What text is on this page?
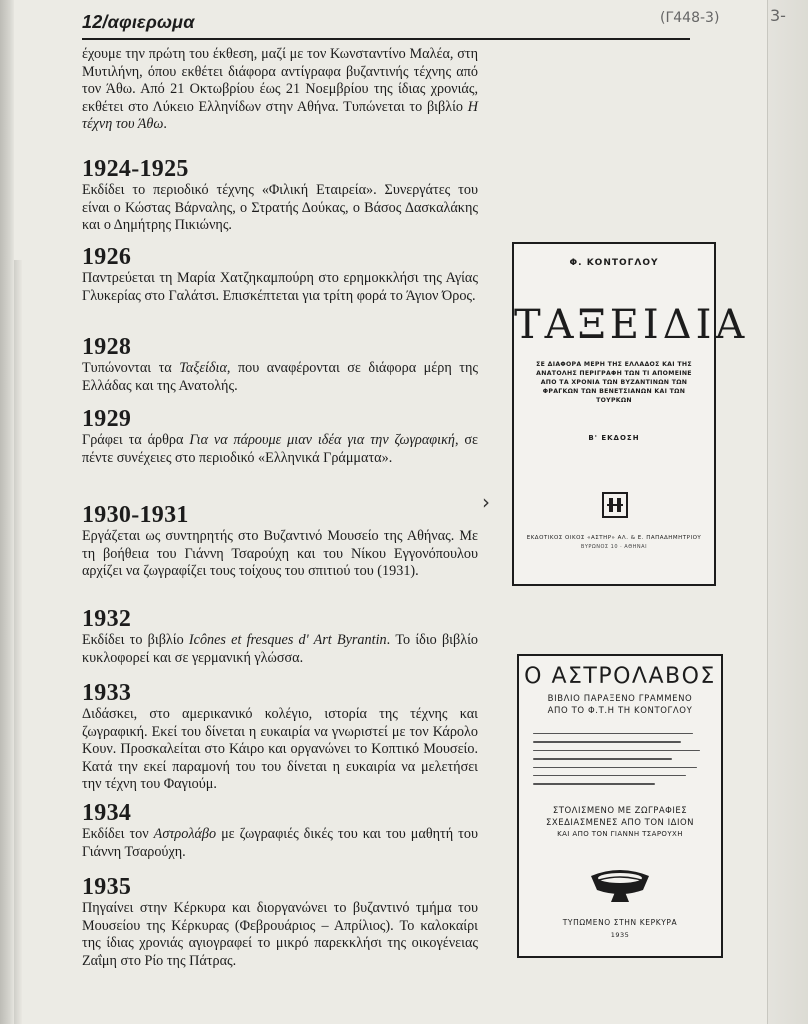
12/αφιερωμα	(Γ448-3)	3-
έχουμε την πρώτη του έκθεση, μαζί με τον Κωνσταντίνο Μαλέα, στη Μυτιλήνη, όπου εκθέτει διάφορα αντίγραφα βυζαντινής τέχνης από τον Άθω. Από 21 Οκτωβρίου έως 21 Νοεμβρίου της ίδιας χρονιάς, εκθέτει στο Λύκειο Ελληνίδων στην Αθήνα. Τυπώνεται το βιβλίο Η τέχνη του Άθω.
1924-1925
Εκδίδει το περιοδικό τέχνης «Φιλική Εταιρεία». Συνεργάτες του είναι ο Κώστας Βάρναλης, ο Στρατής Δούκας, ο Βάσος Δασκαλάκης και ο Δημήτρης Πικιώνης.
1926
Παντρεύεται τη Μαρία Χατζηκαμπούρη στο ερημοκκλήσι της Αγίας Γλυκερίας στο Γαλάτσι. Επισκέπτεται για τρίτη φορά το Άγιον Όρος.
1928
Τυπώνονται τα Ταξείδια, που αναφέρονται σε διάφορα μέρη της Ελλάδας και της Ανατολής.
1929
Γράφει τα άρθρα Για να πάρουμε μιαν ιδέα για την ζωγραφική, σε πέντε συνέχειες στο περιοδικό «Ελληνικά Γράμματα».
1930-1931
Εργάζεται ως συντηρητής στο Βυζαντινό Μουσείο της Αθήνας. Με τη βοήθεια του Γιάννη Τσαρούχη και του Νίκου Εγγονόπουλου αρχίζει να ζωγραφίζει τους τοίχους του σπιτιού του (1931).
1932
Εκδίδει το βιβλίο Icônes et fresques d' Art Byrantin. Το ίδιο βιβλίο κυκλοφορεί και σε γερμανική γλώσσα.
1933
Διδάσκει, στο αμερικανικό κολέγιο, ιστορία της τέχνης και ζωγραφική. Εκεί του δίνεται η ευκαιρία να γνωριστεί με τον Κάρολο Κουν. Προσκαλείται στο Κάιρο και οργανώνει το Κοπτικό Μουσείο. Κατά την εκεί παραμονή του του δίνεται η ευκαιρία να μελετήσει την τέχνη του Φαγιούμ.
1934
Εκδίδει τον Αστρολάβο με ζωγραφιές δικές του και του μαθητή του Γιάννη Τσαρούχη.
1935
Πηγαίνει στην Κέρκυρα και διοργανώνει το βυζαντινό τμήμα του Μουσείου της Κέρκυρας (Φεβρουάριος – Απρίλιος). Το καλοκαίρι της ίδιας χρονιάς αγιογραφεί το μικρό παρεκκλήσι της οικογένειας Ζαΐμη στο Ρίο της Πάτρας.
›
Φ. ΚΟΝΤΟΓΛΟΥ
ΤΑΞΕΙΔΙΑ
ΣΕ ΔΙΑΦΟΡΑ ΜΕΡΗ ΤΗΣ ΕΛΛΑΔΟΣ ΚΑΙ ΤΗΣ ΑΝΑΤΟΛΗΣ ΠΕΡΙΓΡΑΦΗ ΤΩΝ ΤΙ ΑΠΟΜΕΙΝΕ ΑΠΟ ΤΑ ΧΡΟΝΙΑ ΤΩΝ ΒΥΖΑΝΤΙΝΩΝ ΤΩΝ ΦΡΑΓΚΩΝ ΤΩΝ ΒΕΝΕΤΣΙΑΝΩΝ ΚΑΙ ΤΩΝ ΤΟΥΡΚΩΝ
Β' ΕΚΔΟΣΗ
ΕΚΔΟΤΙΚΟΣ ΟΙΚΟΣ «ΑΣΤΗΡ» ΑΛ. & Ε. ΠΑΠΑΔΗΜΗΤΡΙΟΥ
ΒΥΡΩΝΟΣ 10 · ΑΘΗΝΑΙ
Ο ΑΣΤΡΟΛΑΒΟΣ
ΒΙΒΛΙΟ ΠΑΡΑΞΕΝΟ ΓΡΑΜΜΕΝΟ
ΑΠΟ ΤΟ Φ.Τ.Η ΤΗ ΚΟΝΤΟΓΛΟΥ
ΣΤΟΛΙΣΜΕΝΟ ΜΕ ΖΩΓΡΑΦΙΕΣ
ΣΧΕΔΙΑΣΜΕΝΕΣ ΑΠΟ ΤΟΝ ΙΔΙΟΝ
ΚΑΙ ΑΠΟ ΤΟΝ ΓΙΑΝΝΗ ΤΣΑΡΟΥΧΗ
ΤΥΠΩΜΕΝΟ ΣΤΗΝ ΚΕΡΚΥΡΑ
1935
